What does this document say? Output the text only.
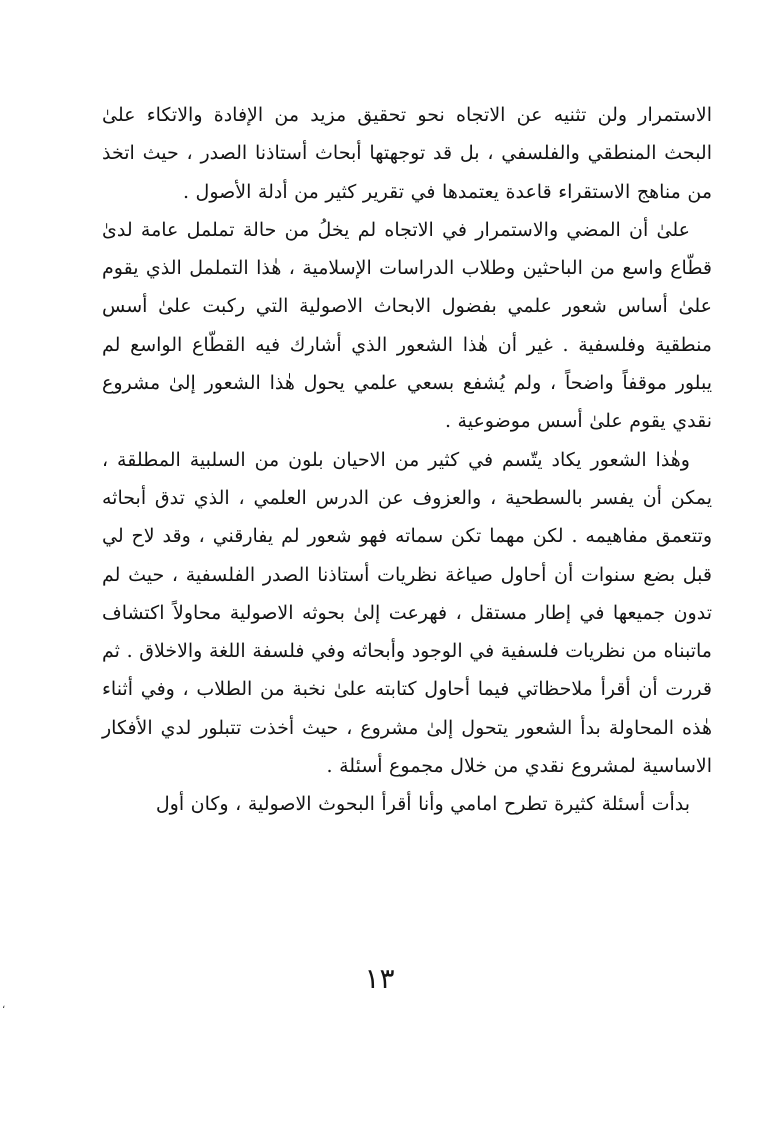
الاستمرار ولن تثنيه عن الاتجاه نحو تحقيق مزيد من الإفادة والاتكاء علىٰ البحث المنطقي والفلسفي ، بل قد توجهتها أبحاث أستاذنا الصدر ، حيث اتخذ من مناهج الاستقراء قاعدة يعتمدها في تقرير كثير من أدلة الأصول .

علىٰ أن المضي والاستمرار في الاتجاه لم يخلُ من حالة تململ عامة لدىٰ قطّاع واسع من الباحثين وطلاب الدراسات الإسلامية ، هٰذا التململ الذي يقوم علىٰ أساس شعور علمي بفضول الابحاث الاصولية التي ركبت علىٰ أسس منطقية وفلسفية . غير أن هٰذا الشعور الذي أشارك فيه القطّاع الواسع لم يبلور موقفاً واضحاً ، ولم يُشفع بسعي علمي يحول هٰذا الشعور إلىٰ مشروع نقدي يقوم علىٰ أسس موضوعية .

وهٰذا الشعور يكاد يتّسم في كثير من الاحيان بلون من السلبية المطلقة ، يمكن أن يفسر بالسطحية ، والعزوف عن الدرس العلمي ، الذي تدق أبحاثه وتتعمق مفاهيمه . لكن مهما تكن سماته فهو شعور لم يفارقني ، وقد لاح لي قبل بضع سنوات أن أحاول صياغة نظريات أستاذنا الصدر الفلسفية ، حيث لم تدون جميعها في إطار مستقل ، فهرعت إلىٰ بحوثه الاصولية محاولاً اكتشاف ماتبناه من نظريات فلسفية في الوجود وأبحاثه وفي فلسفة اللغة والاخلاق . ثم قررت أن أقرأ ملاحظاتي فيما أحاول كتابته علىٰ نخبة من الطلاب ، وفي أثناء هٰذه المحاولة بدأ الشعور يتحول إلىٰ مشروع ، حيث أخذت تتبلور لدي الأفكار الاساسية لمشروع نقدي من خلال مجموع أسئلة .

بدأت أسئلة كثيرة تطرح امامي وأنا أقرأ البحوث الاصولية ، وكان أول

١٣
،
